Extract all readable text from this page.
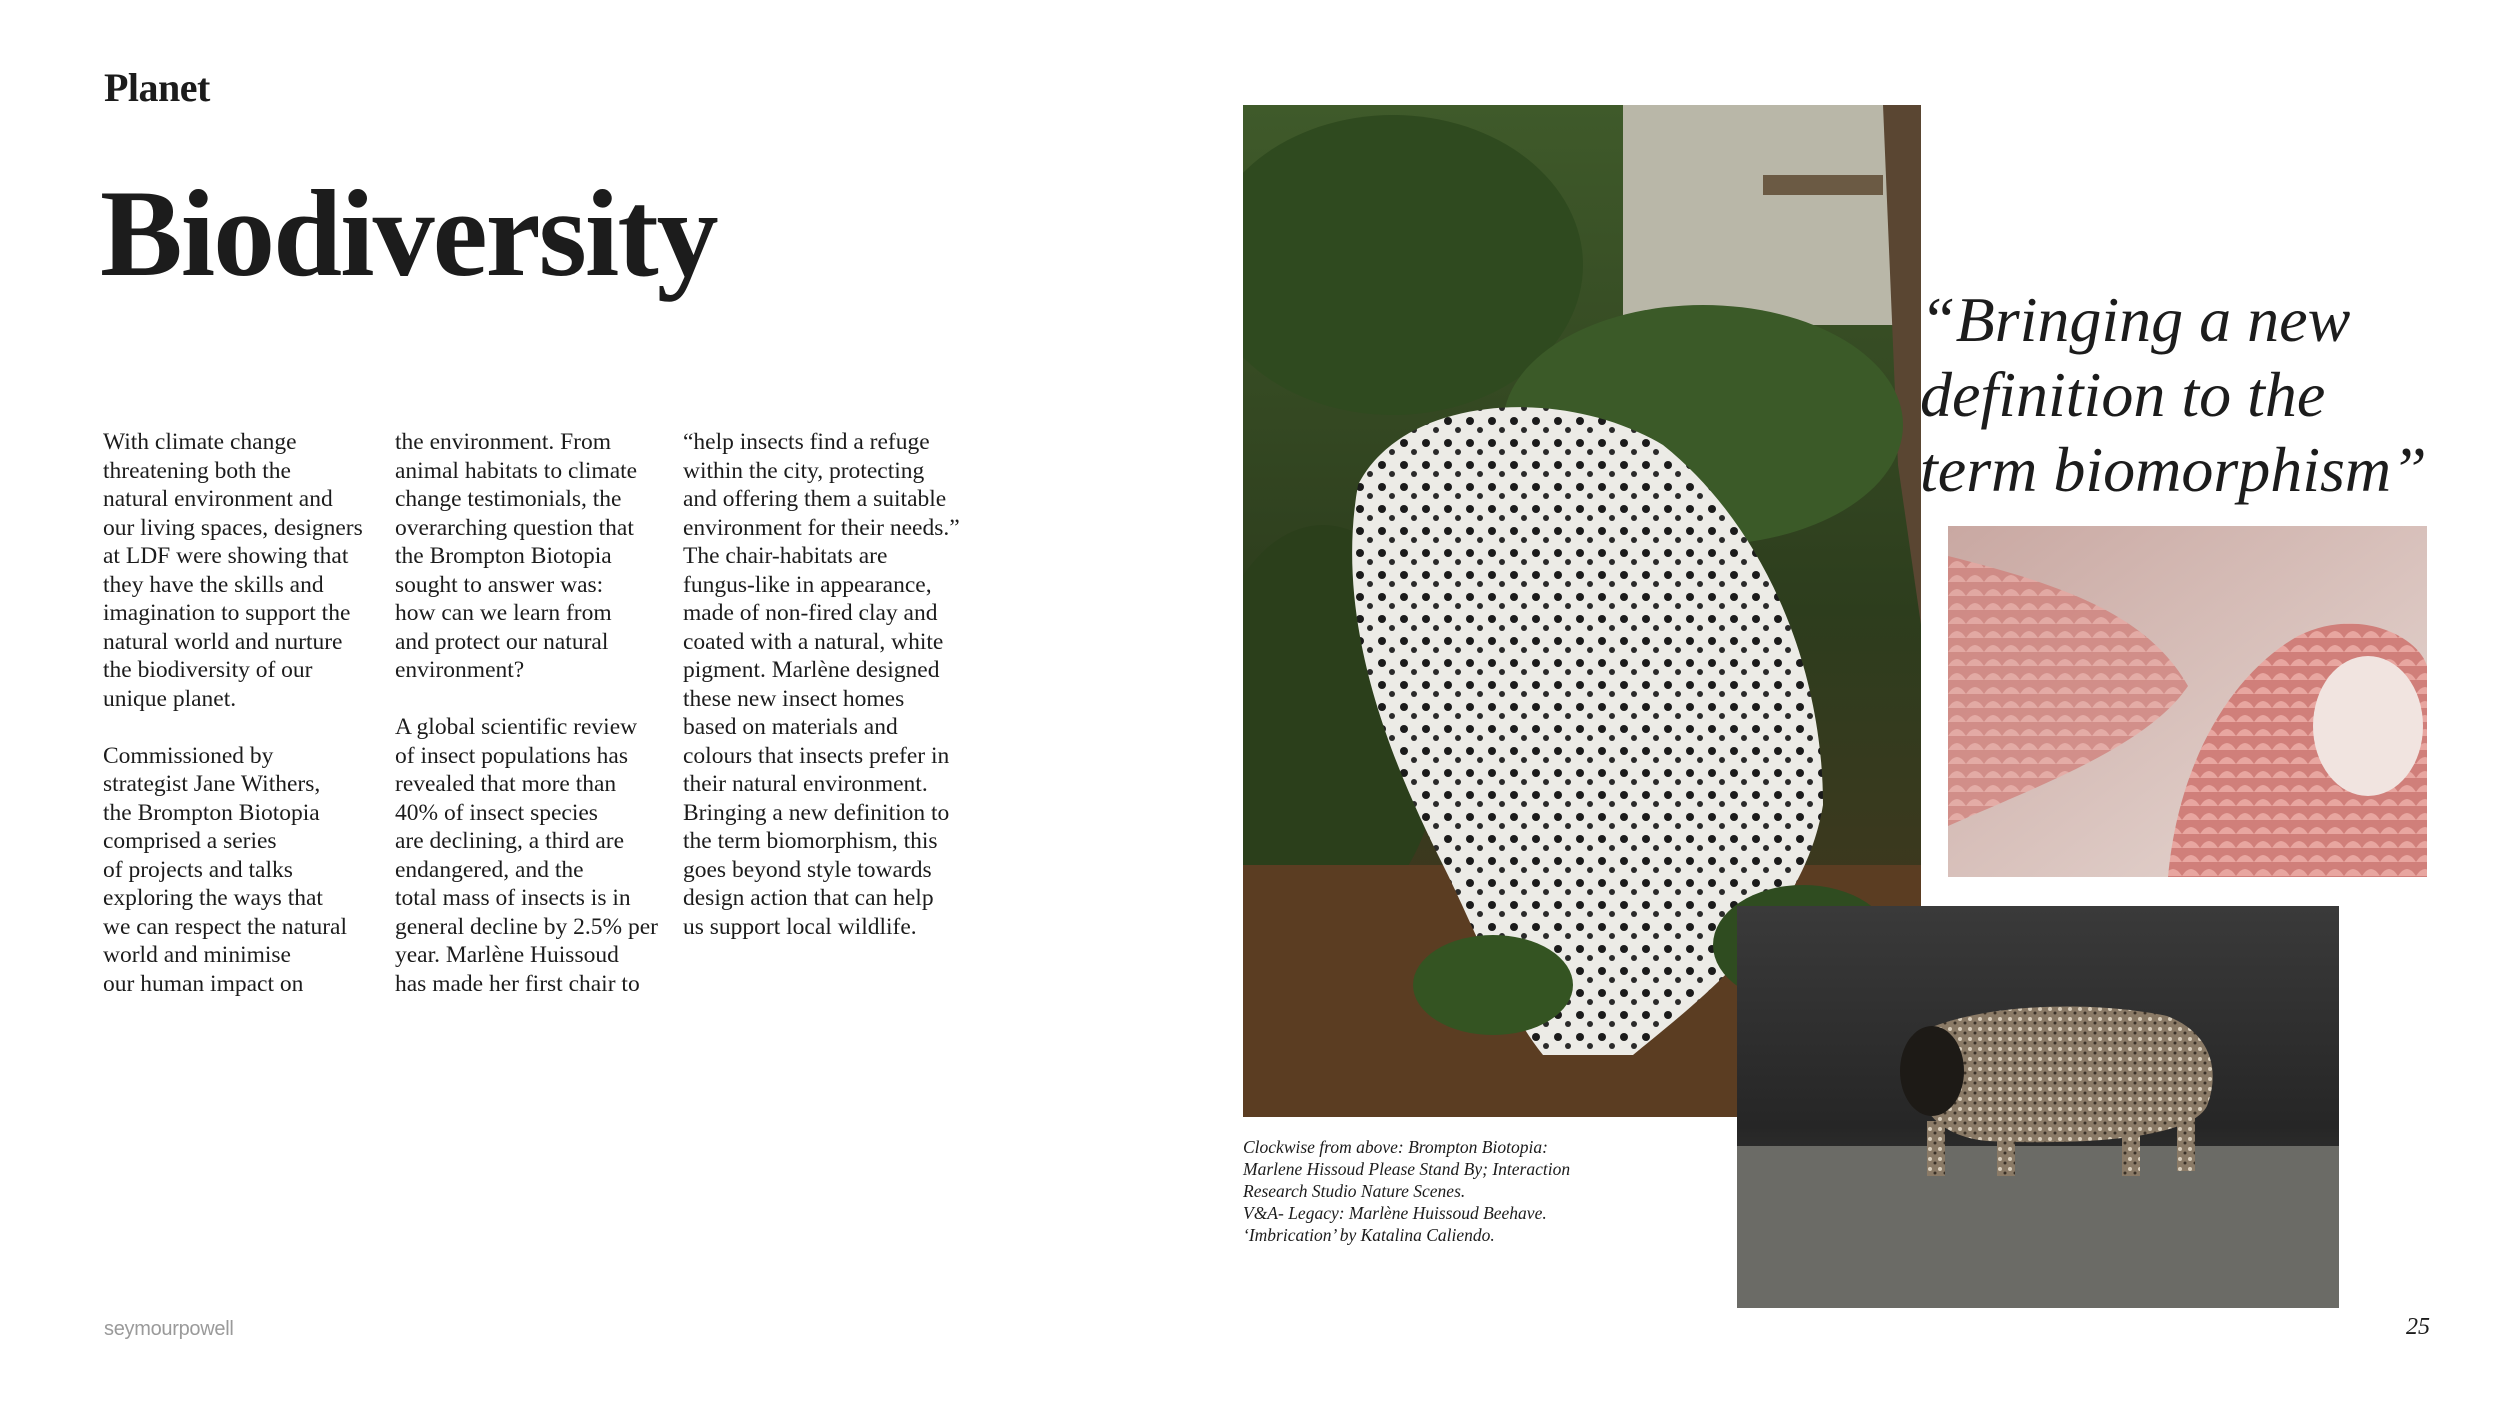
Planet
Biodiversity
With climate change
threatening both the
natural environment and
our living spaces, designers
at LDF were showing that
they have the skills and
imagination to support the
natural world and nurture
the biodiversity of our
unique planet.

Commissioned by
strategist Jane Withers,
the Brompton Biotopia
comprised a series
of projects and talks
exploring the ways that
we can respect the natural
world and minimise
our human impact on
the environment. From
animal habitats to climate
change testimonials, the
overarching question that
the Brompton Biotopia
sought to answer was:
how can we learn from
and protect our natural
environment?

A global scientific review
of insect populations has
revealed that more than
40% of insect species
are declining, a third are
endangered, and the
total mass of insects is in
general decline by 2.5% per
year. Marlène Huissoud
has made her first chair to
“help insects find a refuge
within the city, protecting
and offering them a suitable
environment for their needs.”
The chair-habitats are
fungus-like in appearance,
made of non-fired clay and
coated with a natural, white
pigment. Marlène designed
these new insect homes
based on materials and
colours that insects prefer in
their natural environment.
Bringing a new definition to
the term biomorphism, this
goes beyond style towards
design action that can help
us support local wildlife.
“Bringing a new
definition to the
term biomorphism”
Clockwise from above: Brompton Biotopia:
Marlene Hissoud Please Stand By; Interaction
Research Studio Nature Scenes.
V&A- Legacy: Marlène Huissoud Beehave.
‘Imbrication’ by Katalina Caliendo.
seymourpowell	25
